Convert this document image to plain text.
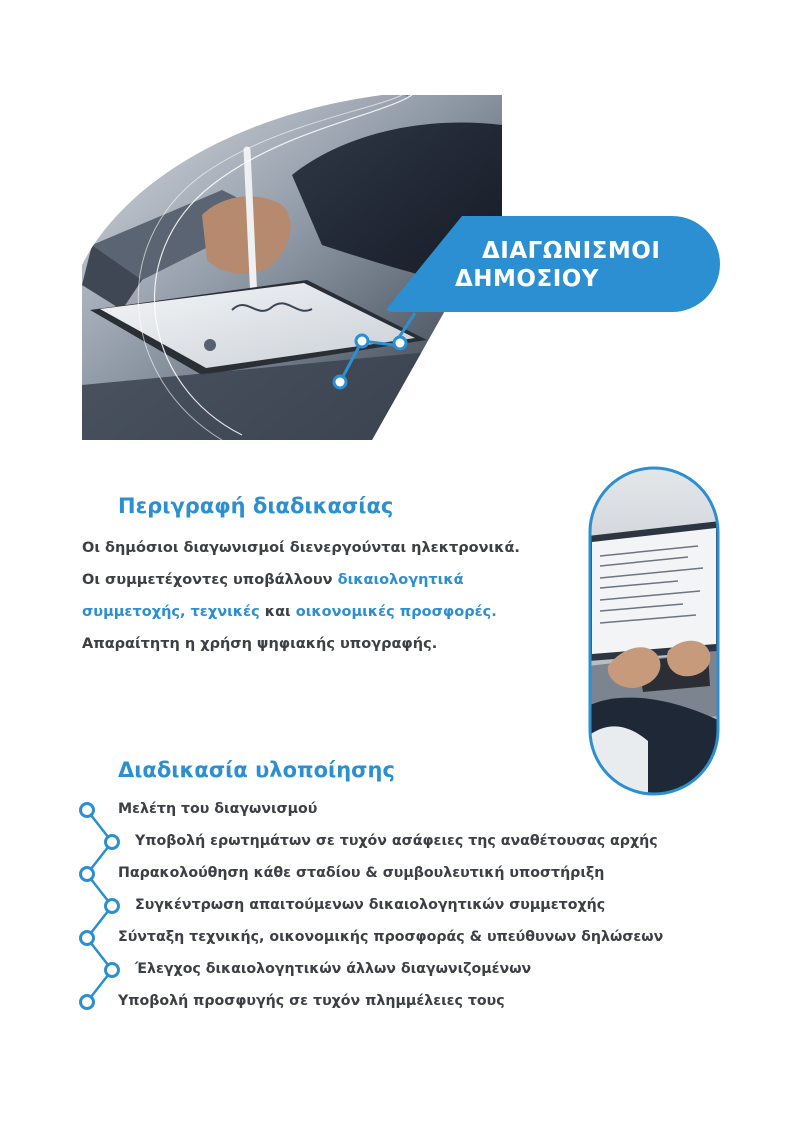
ΔΙΑΓΩΝΙΣΜΟΙ
ΔΗΜΟΣΙΟΥ
Περιγραφή διαδικασίας
Οι δημόσιοι διαγωνισμοί διενεργούνται ηλεκτρονικά.
Οι συμμετέχοντες υποβάλλουν δικαιολογητικά
συμμετοχής, τεχνικές και οικονομικές προσφορές.
Απαραίτητη η χρήση ψηφιακής υπογραφής.
Διαδικασία υλοποίησης
Μελέτη του διαγωνισμού
Υποβολή ερωτημάτων σε τυχόν ασάφειες της αναθέτουσας αρχής
Παρακολούθηση κάθε σταδίου & συμβουλευτική υποστήριξη
Συγκέντρωση απαιτούμενων δικαιολογητικών συμμετοχής
Σύνταξη τεχνικής, οικονομικής προσφοράς & υπεύθυνων δηλώσεων
Έλεγχος δικαιολογητικών άλλων διαγωνιζομένων
Υποβολή προσφυγής σε τυχόν πλημμέλειες τους
